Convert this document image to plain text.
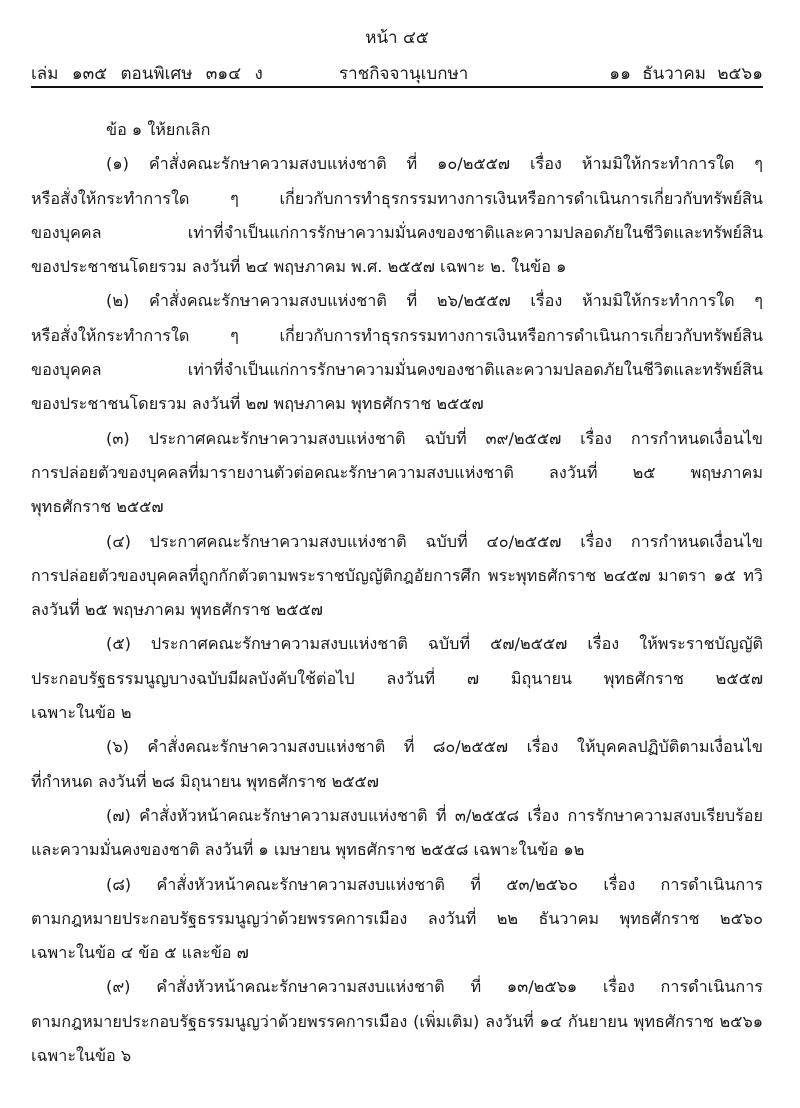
หน้า ๔๕
เล่ม ๑๓๕ ตอนพิเศษ ๓๑๔ ง	ราชกิจจานุเบกษา	๑๑ ธันวาคม ๒๕๖๑
ข้อ ๑ ให้ยกเลิก
(๑) คำสั่งคณะรักษาความสงบแห่งชาติ ที่ ๑๐/๒๕๕๗ เรื่อง ห้ามมิให้กระทำการใด ๆ
หรือสั่งให้กระทำการใด ๆ เกี่ยวกับการทำธุรกรรมทางการเงินหรือการดำเนินการเกี่ยวกับทรัพย์สิน
ของบุคคล เท่าที่จำเป็นแก่การรักษาความมั่นคงของชาติและความปลอดภัยในชีวิตและทรัพย์สิน
ของประชาชนโดยรวม ลงวันที่ ๒๔ พฤษภาคม พ.ศ. ๒๕๕๗ เฉพาะ ๒. ในข้อ ๑
(๒) คำสั่งคณะรักษาความสงบแห่งชาติ ที่ ๒๖/๒๕๕๗ เรื่อง ห้ามมิให้กระทำการใด ๆ
หรือสั่งให้กระทำการใด ๆ เกี่ยวกับการทำธุรกรรมทางการเงินหรือการดำเนินการเกี่ยวกับทรัพย์สิน
ของบุคคล เท่าที่จำเป็นแก่การรักษาความมั่นคงของชาติและความปลอดภัยในชีวิตและทรัพย์สิน
ของประชาชนโดยรวม ลงวันที่ ๒๗ พฤษภาคม พุทธศักราช ๒๕๕๗
(๓) ประกาศคณะรักษาความสงบแห่งชาติ ฉบับที่ ๓๙/๒๕๕๗ เรื่อง การกำหนดเงื่อนไข
การปล่อยตัวของบุคคลที่มารายงานตัวต่อคณะรักษาความสงบแห่งชาติ ลงวันที่ ๒๕ พฤษภาคม
พุทธศักราช ๒๕๕๗
(๔) ประกาศคณะรักษาความสงบแห่งชาติ ฉบับที่ ๔๐/๒๕๕๗ เรื่อง การกำหนดเงื่อนไข
การปล่อยตัวของบุคคลที่ถูกกักตัวตามพระราชบัญญัติกฎอัยการศึก พระพุทธศักราช ๒๔๕๗ มาตรา ๑๕ ทวิ
ลงวันที่ ๒๕ พฤษภาคม พุทธศักราช ๒๕๕๗
(๕) ประกาศคณะรักษาความสงบแห่งชาติ ฉบับที่ ๕๗/๒๕๕๗ เรื่อง ให้พระราชบัญญัติ
ประกอบรัฐธรรมนูญบางฉบับมีผลบังคับใช้ต่อไป ลงวันที่ ๗ มิถุนายน พุทธศักราช ๒๕๕๗
เฉพาะในข้อ ๒
(๖) คำสั่งคณะรักษาความสงบแห่งชาติ ที่ ๘๐/๒๕๕๗ เรื่อง ให้บุคคลปฏิบัติตามเงื่อนไข
ที่กำหนด ลงวันที่ ๒๘ มิถุนายน พุทธศักราช ๒๕๕๗
(๗) คำสั่งหัวหน้าคณะรักษาความสงบแห่งชาติ ที่ ๓/๒๕๕๘ เรื่อง การรักษาความสงบเรียบร้อย
และความมั่นคงของชาติ ลงวันที่ ๑ เมษายน พุทธศักราช ๒๕๕๘ เฉพาะในข้อ ๑๒
(๘) คำสั่งหัวหน้าคณะรักษาความสงบแห่งชาติ ที่ ๕๓/๒๕๖๐ เรื่อง การดำเนินการ
ตามกฎหมายประกอบรัฐธรรมนูญว่าด้วยพรรคการเมือง ลงวันที่ ๒๒ ธันวาคม พุทธศักราช ๒๕๖๐
เฉพาะในข้อ ๔ ข้อ ๕ และข้อ ๗
(๙) คำสั่งหัวหน้าคณะรักษาความสงบแห่งชาติ ที่ ๑๓/๒๕๖๑ เรื่อง การดำเนินการ
ตามกฎหมายประกอบรัฐธรรมนูญว่าด้วยพรรคการเมือง (เพิ่มเติม) ลงวันที่ ๑๔ กันยายน พุทธศักราช ๒๕๖๑
เฉพาะในข้อ ๖
